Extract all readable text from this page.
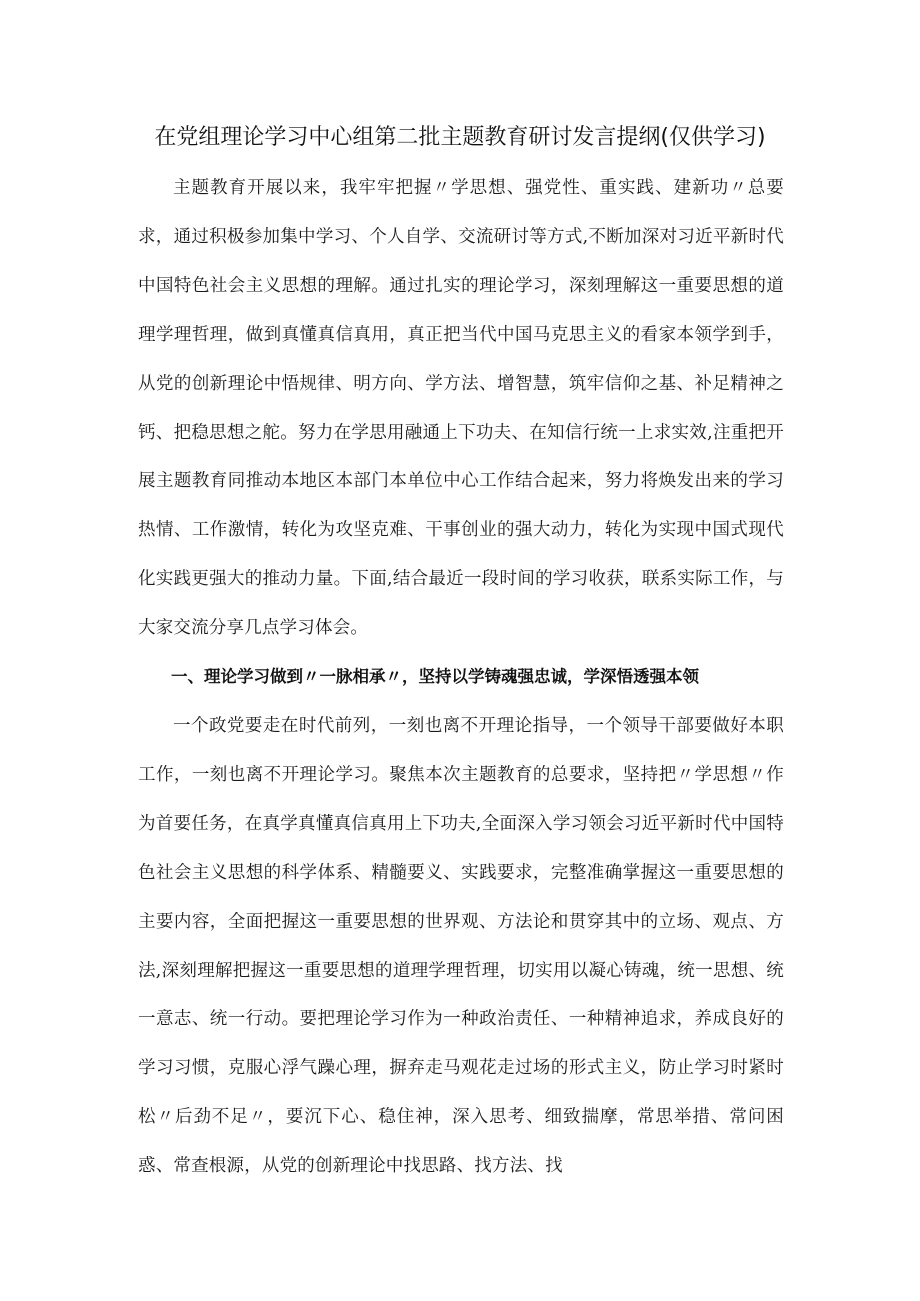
在党组理论学习中心组第二批主题教育研讨发言提纲(仅供学习)

主题教育开展以来，我牢牢把握〃学思想、强党性、重实践、建新功〃总要求，通过积极参加集中学习、个人自学、交流研讨等方式,不断加深对习近平新时代中国特色社会主义思想的理解。通过扎实的理论学习，深刻理解这一重要思想的道理学理哲理，做到真懂真信真用，真正把当代中国马克思主义的看家本领学到手，从党的创新理论中悟规律、明方向、学方法、增智慧，筑牢信仰之基、补足精神之钙、把稳思想之舵。努力在学思用融通上下功夫、在知信行统一上求实效,注重把开展主题教育同推动本地区本部门本单位中心工作结合起来，努力将焕发出来的学习热情、工作激情，转化为攻坚克难、干事创业的强大动力，转化为实现中国式现代化实践更强大的推动力量。下面,结合最近一段时间的学习收获，联系实际工作，与大家交流分享几点学习体会。

一、理论学习做到〃一脉相承〃，坚持以学铸魂强忠诚，学深悟透强本领

一个政党要走在时代前列，一刻也离不开理论指导，一个领导干部要做好本职工作，一刻也离不开理论学习。聚焦本次主题教育的总要求，坚持把〃学思想〃作为首要任务，在真学真懂真信真用上下功夫,全面深入学习领会习近平新时代中国特色社会主义思想的科学体系、精髓要义、实践要求，完整准确掌握这一重要思想的主要内容，全面把握这一重要思想的世界观、方法论和贯穿其中的立场、观点、方法,深刻理解把握这一重要思想的道理学理哲理，切实用以凝心铸魂，统一思想、统一意志、统一行动。要把理论学习作为一种政治责任、一种精神追求，养成良好的学习习惯，克服心浮气躁心理，摒弃走马观花走过场的形式主义，防止学习时紧时松〃后劲不足〃，要沉下心、稳住神，深入思考、细致揣摩，常思举措、常问困惑、常查根源，从党的创新理论中找思路、找方法、找
